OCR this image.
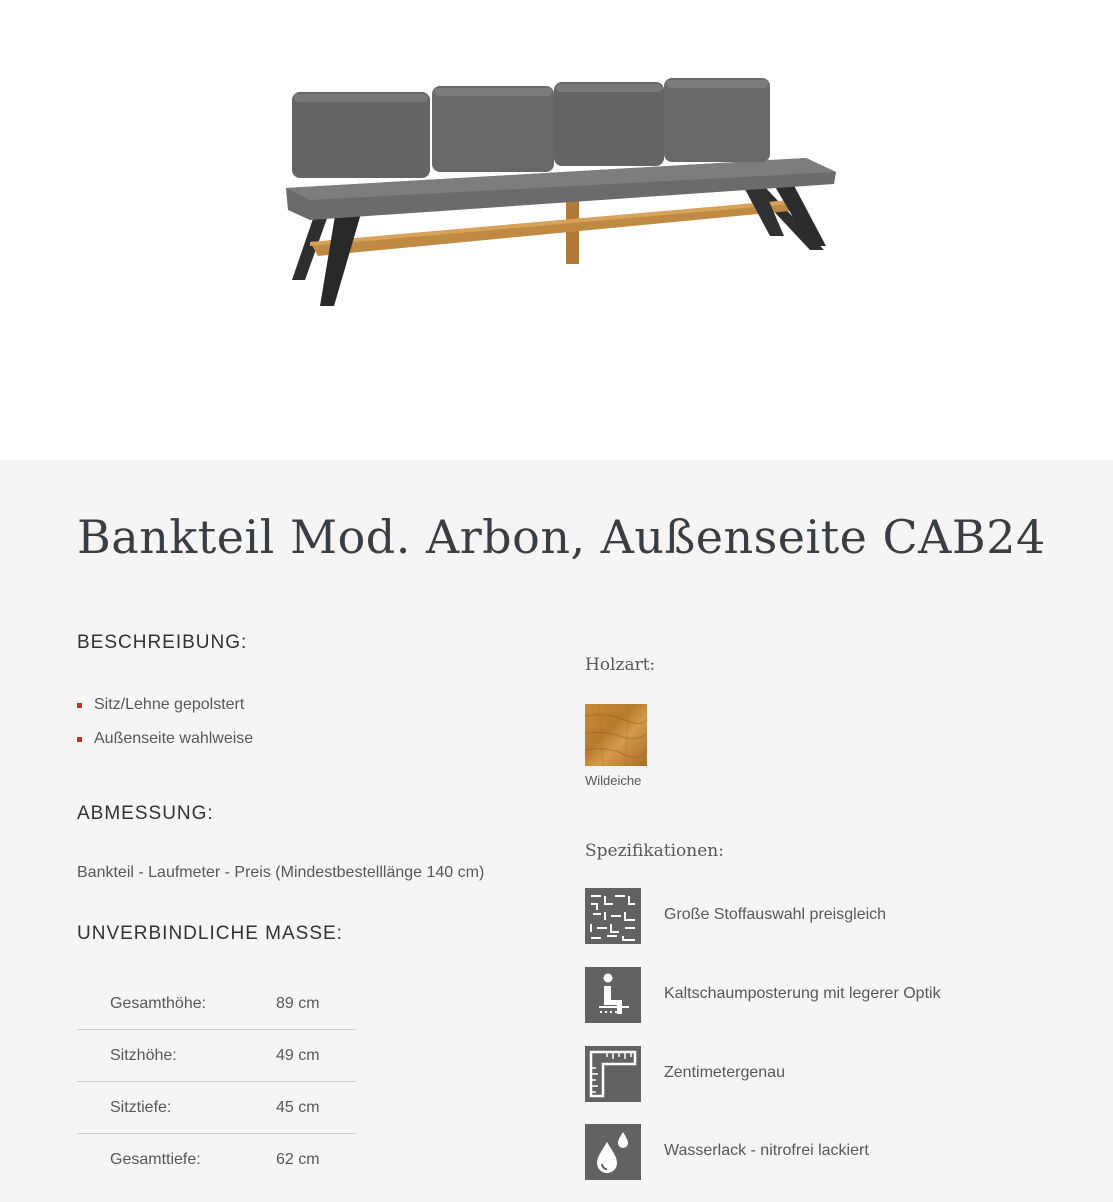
Bankteil Mod. Arbon, Außenseite CAB24
BESCHREIBUNG:
Sitz/Lehne gepolstert
Außenseite wahlweise
ABMESSUNG:
Bankteil - Laufmeter - Preis (Mindestbestelllänge 140 cm)
UNVERBINDLICHE MASSE:
Gesamthöhe:	89 cm
Sitzhöhe:	49 cm
Sitztiefe:	45 cm
Gesamttiefe:	62 cm
Holzart:
Wildeiche
Spezifikationen:
Große Stoffauswahl preisgleich
Kaltschaumposterung mit legerer Optik
Zentimetergenau
Wasserlack - nitrofrei lackiert
